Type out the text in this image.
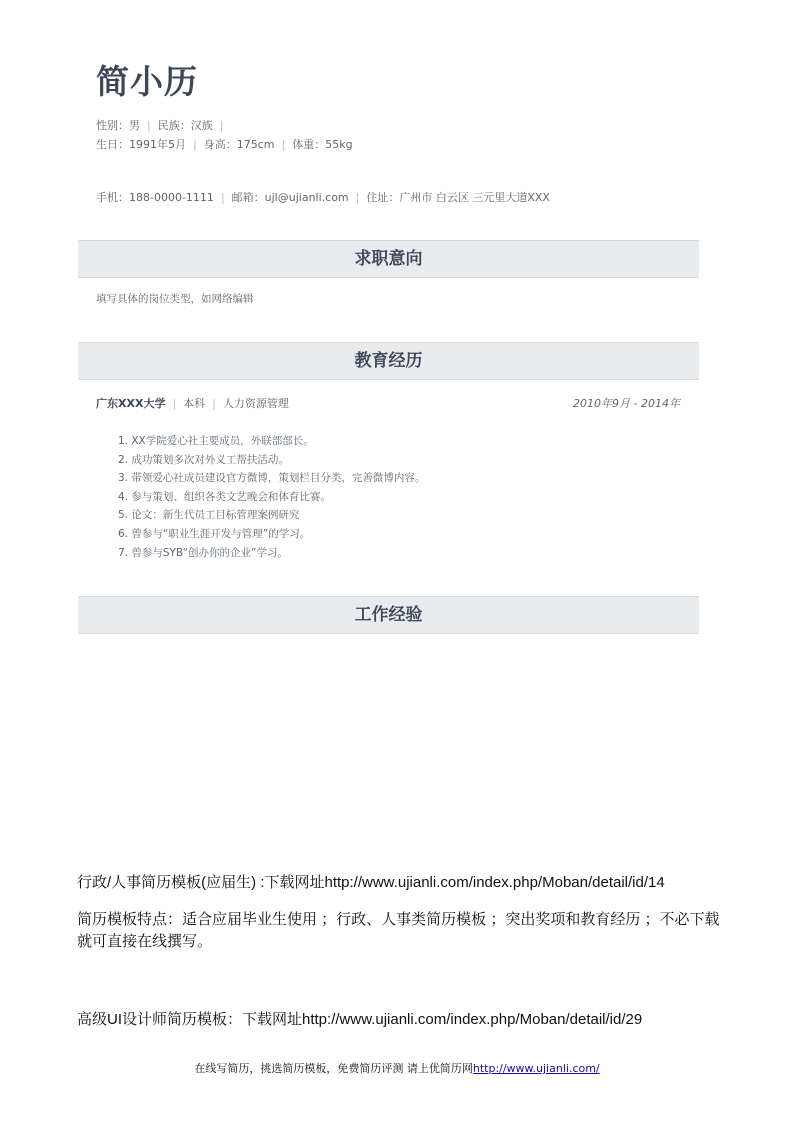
简小历
性别：男 | 民族：汉族 |
生日：1991年5月 | 身高：175cm | 体重：55kg
手机：188-0000-1111 | 邮箱：ujl@ujianli.com | 住址：广州市 白云区 三元里大道XXX
求职意向
填写具体的岗位类型，如网络编辑
教育经历
广东XXX大学 | 本科 | 人力资源管理	2010年9月 - 2014年
1. XX学院爱心社主要成员，外联部部长。
2. 成功策划多次对外义工帮扶活动。
3. 带领爱心社成员建设官方微博，策划栏目分类，完善微博内容。
4. 参与策划、组织各类文艺晚会和体育比赛。
5. 论文：新生代员工目标管理案例研究
6. 曾参与“职业生涯开发与管理”的学习。
7. 曾参与SYB“创办你的企业”学习。
工作经验
行政/人事简历模板(应届生) :下载网址http://www.ujianli.com/index.php/Moban/detail/id/14
简历模板特点：适合应届毕业生使用 ；行政、人事类简历模板 ；突出奖项和教育经历 ；不必下载就可直接在线撰写。
高级UI设计师简历模板：下载网址http://www.ujianli.com/index.php/Moban/detail/id/29
在线写简历，挑选简历模板，免费简历评测 请上优简历网http://www.ujianli.com/
